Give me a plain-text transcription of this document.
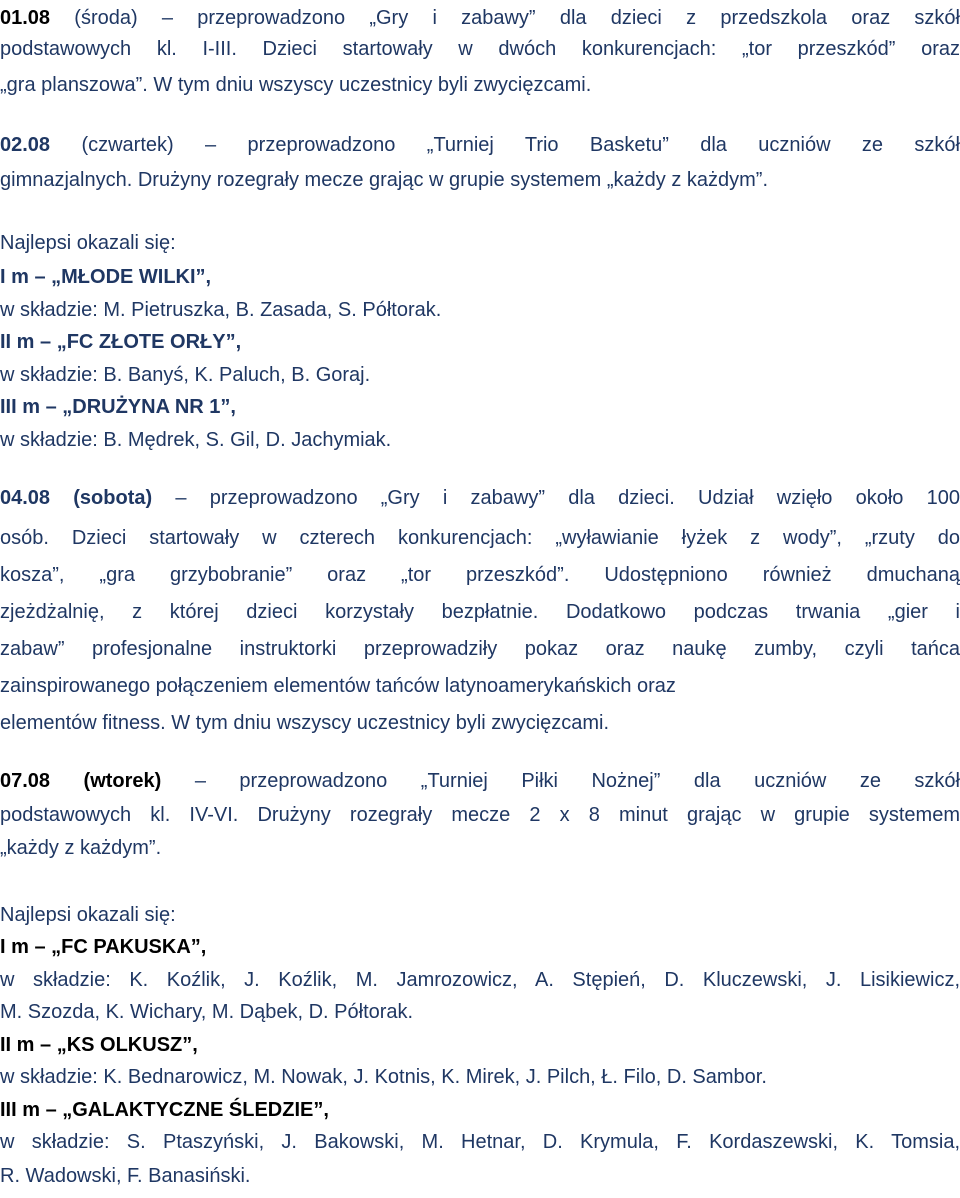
01.08 (środa) – przeprowadzono „Gry i zabawy” dla dzieci z przedszkola oraz szkół
podstawowych kl. I-III. Dzieci startowały w dwóch konkurencjach: „tor przeszkód” oraz
„gra planszowa”. W tym dniu wszyscy uczestnicy byli zwycięzcami.
02.08 (czwartek) – przeprowadzono „Turniej Trio Basketu” dla uczniów ze szkół
gimnazjalnych. Drużyny rozegrały mecze grając w grupie systemem „każdy z każdym”.
Najlepsi okazali się:
I m – „MŁODE WILKI”,
w składzie: M. Pietruszka, B. Zasada, S. Półtorak.
II m – „FC ZŁOTE ORŁY”,
w składzie: B. Banyś, K. Paluch, B. Goraj.
III m – „DRUŻYNA NR 1”,
w składzie: B. Mędrek, S. Gil, D. Jachymiak.
04.08 (sobota) – przeprowadzono „Gry i zabawy” dla dzieci. Udział wzięło około 100
osób. Dzieci startowały w czterech konkurencjach: „wyławianie łyżek z wody”, „rzuty do
kosza”, „gra grzybobranie” oraz „tor przeszkód”. Udostępniono również dmuchaną
zjeżdżalnię, z której dzieci korzystały bezpłatnie. Dodatkowo podczas trwania „gier i
zabaw” profesjonalne instruktorki przeprowadziły pokaz oraz naukę zumby, czyli tańca
zainspirowanego połączeniem elementów tańców latynoamerykańskich oraz
elementów fitness. W tym dniu wszyscy uczestnicy byli zwycięzcami.
07.08 (wtorek) – przeprowadzono „Turniej Piłki Nożnej” dla uczniów ze szkół
podstawowych kl. IV-VI. Drużyny rozegrały mecze 2 x 8 minut grając w grupie systemem
„każdy z każdym”.
Najlepsi okazali się:
I m – „FC PAKUSKA”,
w składzie: K. Koźlik, J. Koźlik, M. Jamrozowicz, A. Stępień, D. Kluczewski, J. Lisikiewicz,
M. Szozda, K. Wichary, M. Dąbek, D. Półtorak.
II m – „KS OLKUSZ”,
w składzie: K. Bednarowicz, M. Nowak, J. Kotnis, K. Mirek, J. Pilch, Ł. Filo, D. Sambor.
III m – „GALAKTYCZNE ŚLEDZIE”,
w składzie: S. Ptaszyński, J. Bakowski, M. Hetnar, D. Krymula, F. Kordaszewski, K. Tomsia,
R. Wadowski, F. Banasiński.
